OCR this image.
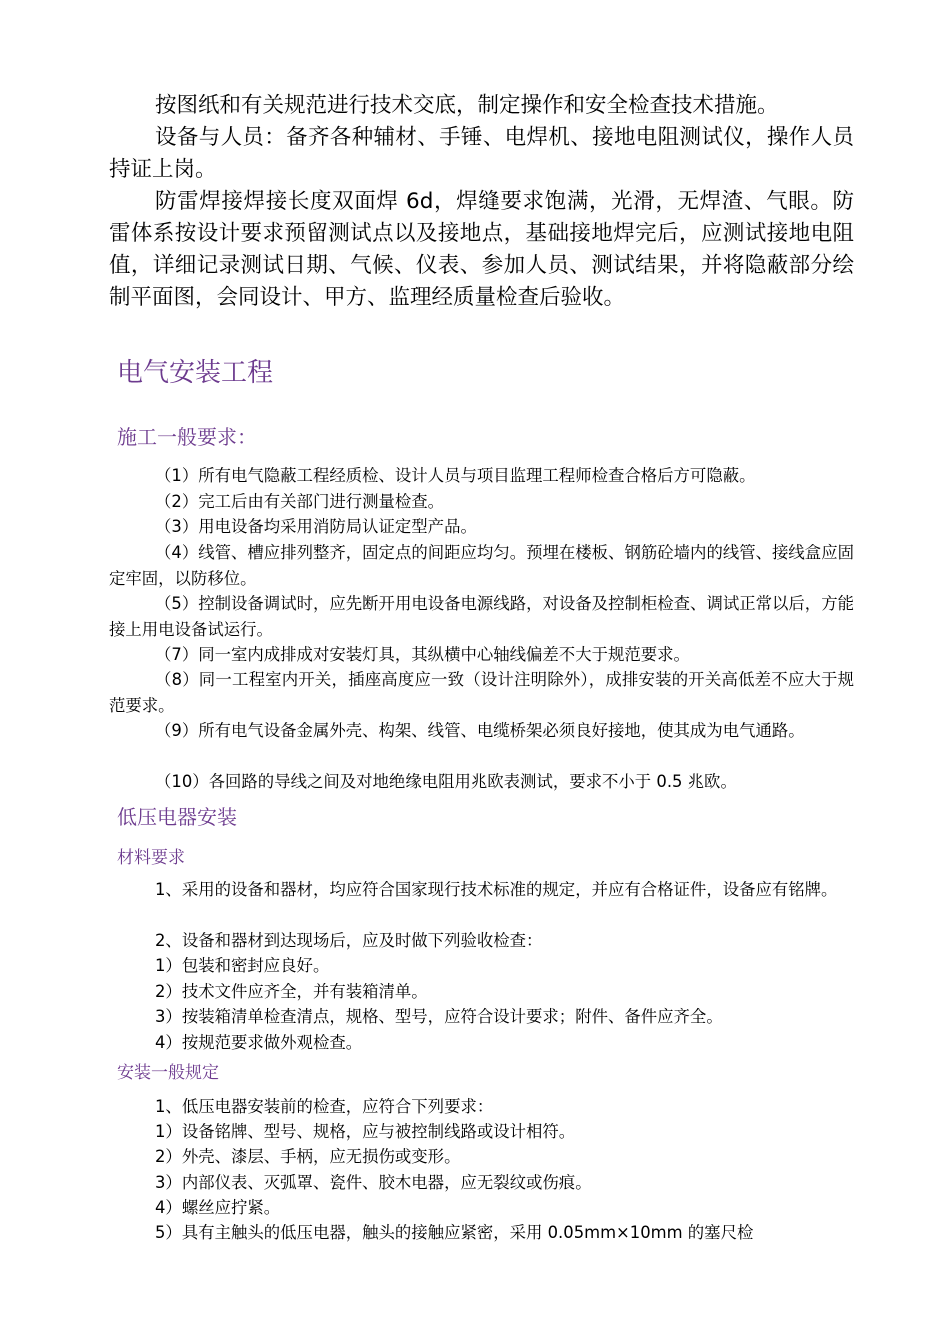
按图纸和有关规范进行技术交底，制定操作和安全检查技术措施。

设备与人员：备齐各种辅材、手锤、电焊机、接地电阻测试仪，操作人员持证上岗。

防雷焊接焊接长度双面焊 6d，焊缝要求饱满，光滑，无焊渣、气眼。防雷体系按设计要求预留测试点以及接地点，基础接地焊完后，应测试接地电阻值，详细记录测试日期、气候、仪表、参加人员、测试结果，并将隐蔽部分绘制平面图，会同设计、甲方、监理经质量检查后验收。

电气安装工程
施工一般要求：

（1）所有电气隐蔽工程经质检、设计人员与项目监理工程师检查合格后方可隐蔽。

（2）完工后由有关部门进行测量检查。

（3）用电设备均采用消防局认证定型产品。

（4）线管、槽应排列整齐，固定点的间距应均匀。预埋在楼板、钢筋砼墙内的线管、接线盒应固定牢固，以防移位。

（5）控制设备调试时，应先断开用电设备电源线路，对设备及控制柜检查、调试正常以后，方能接上用电设备试运行。

（7）同一室内成排成对安装灯具，其纵横中心轴线偏差不大于规范要求。

（8）同一工程室内开关，插座高度应一致（设计注明除外），成排安装的开关高低差不应大于规范要求。

（9）所有电气设备金属外壳、构架、线管、电缆桥架必须良好接地，使其成为电气通路。

（10）各回路的导线之间及对地绝缘电阻用兆欧表测试，要求不小于 0.5 兆欧。

低压电器安装
材料要求

1、采用的设备和器材，均应符合国家现行技术标准的规定，并应有合格证件，设备应有铭牌。

2、设备和器材到达现场后，应及时做下列验收检查：

1）包装和密封应良好。

2）技术文件应齐全，并有装箱清单。

3）按装箱清单检查清点，规格、型号，应符合设计要求；附件、备件应齐全。

4）按规范要求做外观检查。

安装一般规定

1、低压电器安装前的检查，应符合下列要求：

1）设备铭牌、型号、规格，应与被控制线路或设计相符。

2）外壳、漆层、手柄，应无损伤或变形。

3）内部仪表、灭弧罩、瓷件、胶木电器，应无裂纹或伤痕。

4）螺丝应拧紧。

5）具有主触头的低压电器，触头的接触应紧密，采用 0.05mm×10mm 的塞尺检
